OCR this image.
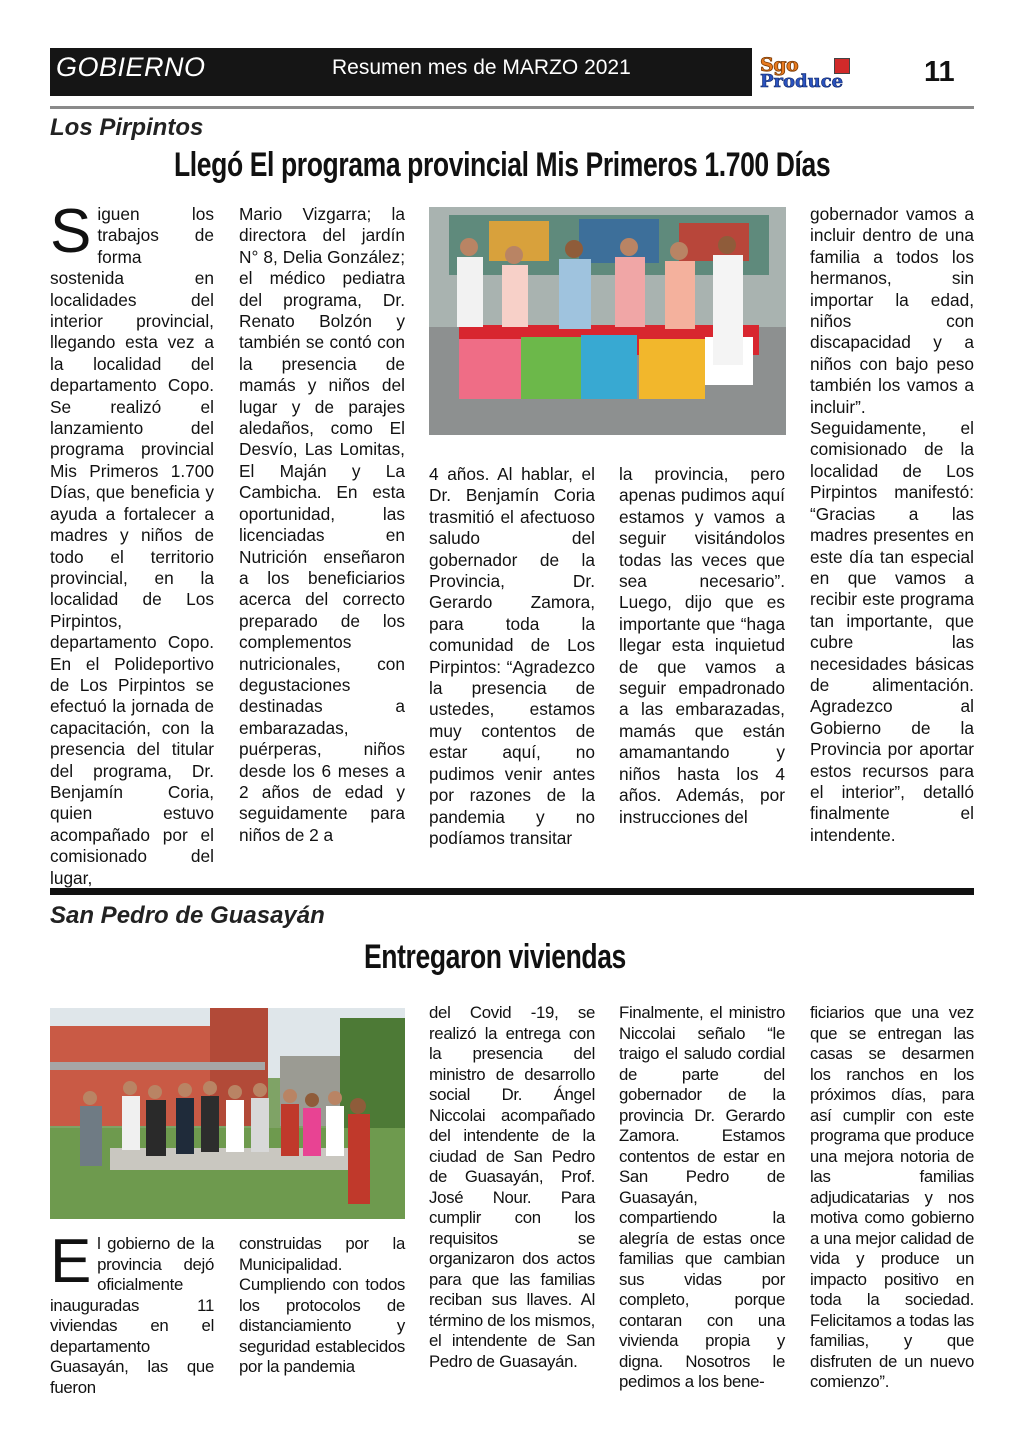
GOBIERNO	Resumen mes de MARZO 2021	Sgo
Produce	11
Los Pirpintos
Llegó El programa provincial Mis Primeros 1.700 Días
Siguen los trabajos de forma sostenida en localidades del interior provincial, llegando esta vez a la localidad del departamento Copo. Se realizó el lanzamiento del programa provincial Mis Primeros 1.700 Días, que beneficia y ayuda a fortalecer a madres y niños de todo el territorio provincial, en la localidad de Los Pirpintos, departamento Copo. En el Polideportivo de Los Pirpintos se efectuó la jornada de capacitación, con la presencia del titular del programa, Dr. Benjamín Coria, quien estuvo acompañado por el comisionado del lugar,
Mario Vizgarra; la directora del jardín N° 8, Delia González; el médico pediatra del programa, Dr. Renato Bolzón y también se contó con la presencia de mamás y niños del lugar y de parajes aledaños, como El Desvío, Las Lomitas, El Maján y La Cambicha. En esta oportunidad, las licenciadas en Nutrición enseñaron a los beneficiarios acerca del correcto preparado de los complementos nutricionales, con degustaciones destinadas a embarazadas, puérperas, niños desde los 6 meses a 2 años de edad y seguidamente para niños de 2 a
4 años. Al hablar, el Dr. Benjamín Coria trasmitió el afectuoso saludo del gobernador de la Provincia, Dr. Gerardo Zamora, para toda la comunidad de Los Pirpintos: “Agradezco la presencia de ustedes, estamos muy contentos de estar aquí, no pudimos venir antes por razones de la pandemia y no podíamos transitar
la provincia, pero apenas pudimos aquí estamos y vamos a seguir visitándolos todas las veces que sea necesario”. Luego, dijo que es importante que “haga llegar esta inquietud de que vamos a seguir empadronado a las embarazadas, mamás que están amamantando y niños hasta los 4 años. Además, por instrucciones del
gobernador vamos a incluir dentro de una familia a todos los hermanos, sin importar la edad, niños con discapacidad y a niños con bajo peso también los vamos a incluir”. Seguidamente, el comisionado de la localidad de Los Pirpintos manifestó: “Gracias a las madres presentes en este día tan especial en que vamos a recibir este programa tan importante, que cubre las necesidades básicas de alimentación. Agradezco al Gobierno de la Provincia por aportar estos recursos para el interior”, detalló finalmente el intendente.
San Pedro de Guasayán
Entregaron viviendas
El gobierno de la provincia dejó oficialmente inauguradas 11 viviendas en el departamento Guasayán, las que fueron
construidas por la Municipalidad. Cumpliendo con todos los protocolos de distanciamiento y seguridad establecidos por la pandemia
del Covid -19, se realizó la entrega con la presencia del ministro de desarrollo social Dr. Ángel Niccolai acompañado del intendente de la ciudad de San Pedro de Guasayán, Prof. José Nour. Para cumplir con los requisitos se organizaron dos actos para que las familias reciban sus llaves. Al término de los mismos, el intendente de San Pedro de Guasayán.
Finalmente, el ministro Niccolai señalo “le traigo el saludo cordial de parte del gobernador de la provincia Dr. Gerardo Zamora. Estamos contentos de estar en San Pedro de Guasayán, compartiendo la alegría de estas once familias que cambian sus vidas por completo, porque contaran con una vivienda propia y digna. Nosotros le pedimos a los bene-
ficiarios que una vez que se entregan las casas se desarmen los ranchos en los próximos días, para así cumplir con este programa que produce una mejora notoria de las familias adjudicatarias y nos motiva como gobierno a una mejor calidad de vida y produce un impacto positivo en toda la sociedad. Felicitamos a todas las familias, y que disfruten de un nuevo comienzo”.
